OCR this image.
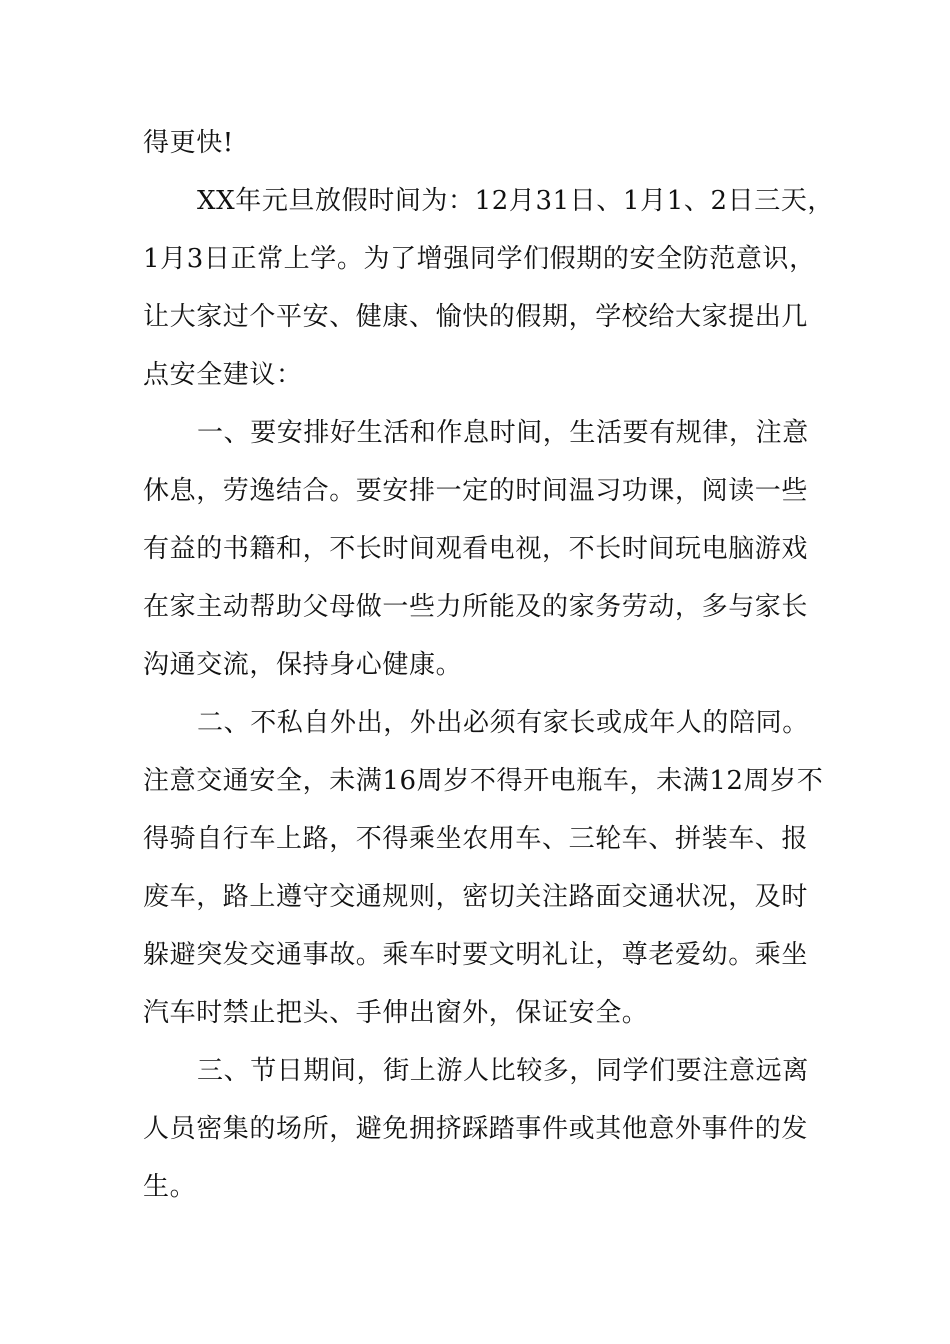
得更快!
XX年元旦放假时间为：12月31日、1月1、2日三天，
1月3日正常上学。为了增强同学们假期的安全防范意识，
让大家过个平安、健康、愉快的假期，学校给大家提出几
点安全建议：
一、要安排好生活和作息时间，生活要有规律，注意
休息，劳逸结合。要安排一定的时间温习功课，阅读一些
有益的书籍和，不长时间观看电视，不长时间玩电脑游戏
在家主动帮助父母做一些力所能及的家务劳动，多与家长
沟通交流，保持身心健康。
二、不私自外出，外出必须有家长或成年人的陪同。
注意交通安全，未满16周岁不得开电瓶车，未满12周岁不
得骑自行车上路，不得乘坐农用车、三轮车、拼装车、报
废车，路上遵守交通规则，密切关注路面交通状况，及时
躲避突发交通事故。乘车时要文明礼让，尊老爱幼。乘坐
汽车时禁止把头、手伸出窗外，保证安全。
三、节日期间，街上游人比较多，同学们要注意远离
人员密集的场所，避免拥挤踩踏事件或其他意外事件的发
生。
